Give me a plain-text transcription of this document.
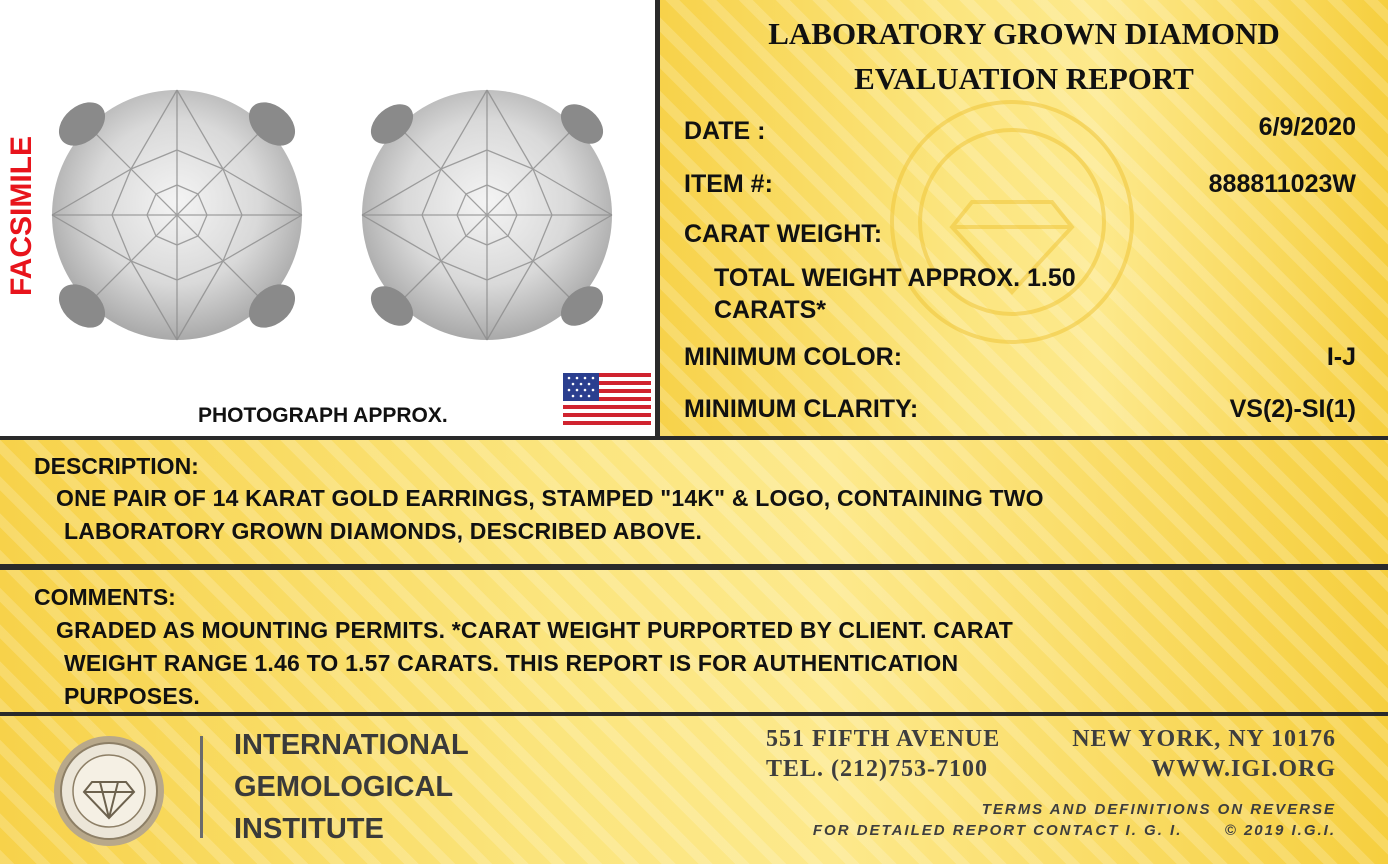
FACSIMILE
PHOTOGRAPH APPROX.
LABORATORY GROWN DIAMOND
EVALUATION REPORT
DATE :	6/9/2020
ITEM #:	888811023W
CARAT WEIGHT:
TOTAL WEIGHT APPROX. 1.50
CARATS*
MINIMUM COLOR:	I-J
MINIMUM CLARITY:	VS(2)-SI(1)
DESCRIPTION:
ONE PAIR OF 14 KARAT GOLD EARRINGS, STAMPED "14K" & LOGO, CONTAINING TWO
LABORATORY GROWN DIAMONDS, DESCRIBED ABOVE.
COMMENTS:
GRADED AS MOUNTING PERMITS. *CARAT WEIGHT PURPORTED BY CLIENT. CARAT
WEIGHT RANGE 1.46 TO 1.57 CARATS. THIS REPORT IS FOR AUTHENTICATION
PURPOSES.
INTERNATIONAL
GEMOLOGICAL
INSTITUTE
551 FIFTH AVENUE	NEW YORK, NY 10176
TEL. (212)753-7100	WWW.IGI.ORG
TERMS AND DEFINITIONS ON REVERSE
FOR DETAILED REPORT CONTACT I. G. I.	© 2019 I.G.I.
